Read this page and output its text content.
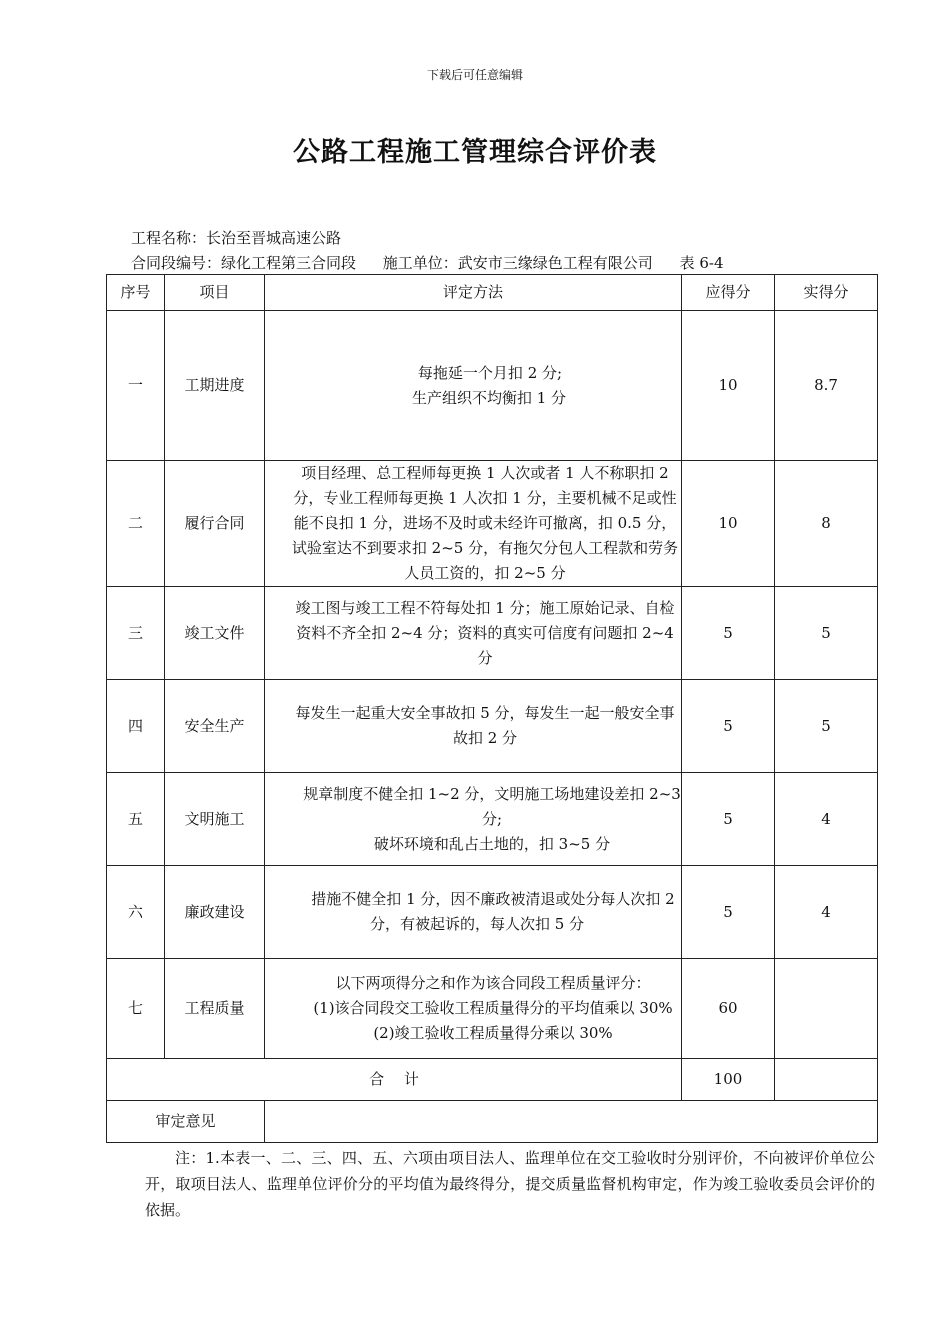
下载后可任意编辑
公路工程施工管理综合评价表
工程名称：长治至晋城高速公路
合同段编号：绿化工程第三合同段 施工单位：武安市三缘绿色工程有限公司 表 6-4
序号	项目	评定方法	应得分	实得分
一	工期进度	每拖延一个月扣 2 分;
生产组织不均衡扣 1 分	10	8.7
二	履行合同	项目经理、总工程师每更换 1 人次或者 1 人不称职扣 2 分，专业工程师每更换 1 人次扣 1 分，主要机械不足或性能不良扣 1 分，进场不及时或未经许可撤离，扣 0.5 分，试验室达不到要求扣 2~5 分，有拖欠分包人工程款和劳务人员工资的，扣 2~5 分	10	8
三	竣工文件	竣工图与竣工工程不符每处扣 1 分；施工原始记录、自检资料不齐全扣 2~4 分；资料的真实可信度有问题扣 2~4 分	5	5
四	安全生产	每发生一起重大安全事故扣 5 分，每发生一起一般安全事故扣 2 分	5	5
五	文明施工	规章制度不健全扣 1~2 分，文明施工场地建设差扣 2~3 分;
破坏环境和乱占土地的，扣 3~5 分	5	4
六	廉政建设	措施不健全扣 1 分，因不廉政被清退或处分每人次扣 2 分，有被起诉的，每人次扣 5 分	5	4
七	工程质量	以下两项得分之和作为该合同段工程质量评分：
(1)该合同段交工验收工程质量得分的平均值乘以 30%
(2)竣工验收工程质量得分乘以 30%	60	
合　 计			100	
审定意见				
注：1.本表一、二、三、四、五、六项由项目法人、监理单位在交工验收时分别评价，不向被评价单位公开，取项目法人、监理单位评价分的平均值为最终得分，提交质量监督机构审定，作为竣工验收委员会评价的依据。
